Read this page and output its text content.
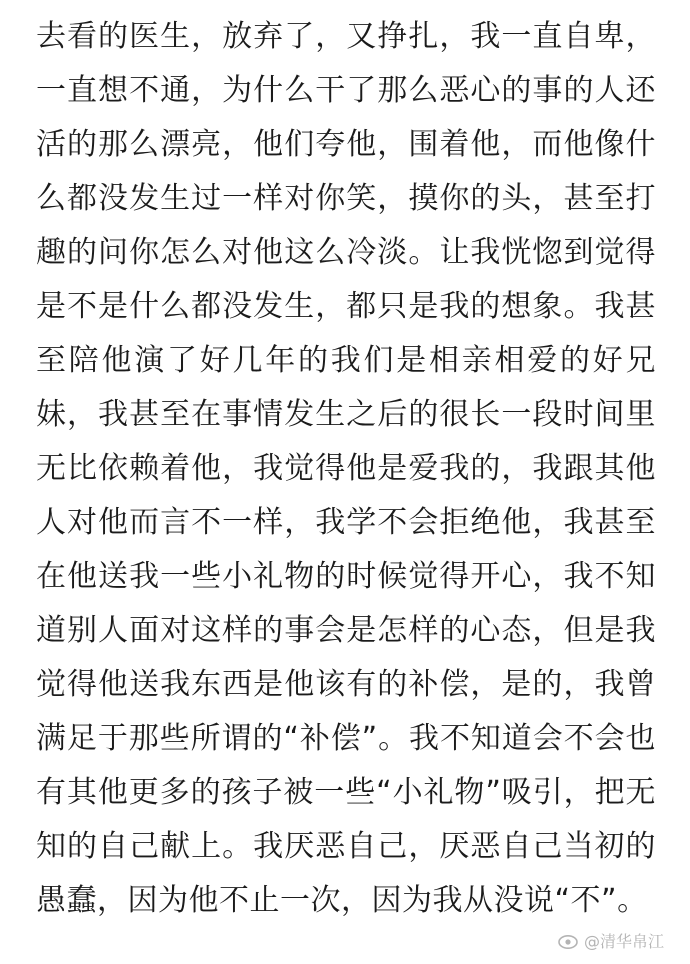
去看的医生，放弃了，又挣扎，我一直自卑，一直想不通，为什么干了那么恶心的事的人还活的那么漂亮，他们夸他，围着他，而他像什么都没发生过一样对你笑，摸你的头，甚至打趣的问你怎么对他这么冷淡。让我恍惚到觉得是不是什么都没发生，都只是我的想象。我甚至陪他演了好几年的我们是相亲相爱的好兄妹，我甚至在事情发生之后的很长一段时间里无比依赖着他，我觉得他是爱我的，我跟其他人对他而言不一样，我学不会拒绝他，我甚至在他送我一些小礼物的时候觉得开心，我不知道别人面对这样的事会是怎样的心态，但是我觉得他送我东西是他该有的补偿，是的，我曾满足于那些所谓的“补偿”。我不知道会不会也有其他更多的孩子被一些“小礼物”吸引，把无知的自己献上。我厌恶自己，厌恶自己当初的愚蠢，因为他不止一次，因为我从没说“不”。

@清华帛江
